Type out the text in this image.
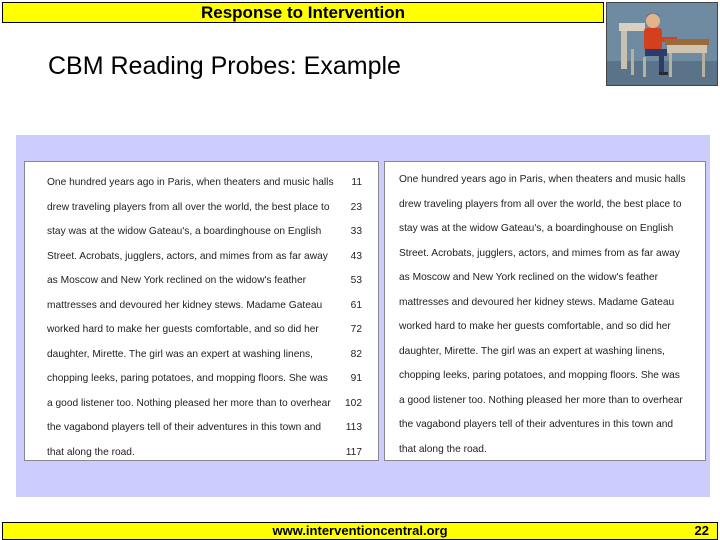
Response to Intervention
CBM Reading Probes: Example
One hundred years ago in Paris, when theaters and music halls 11
drew traveling players from all over the world, the best place to 23
stay was at the widow Gateau's, a boardinghouse on English	33
Street. Acrobats, jugglers, actors, and mimes from as far away 43
as Moscow and New York reclined on the widow's feather	53
mattresses and devoured her kidney stews. Madame Gateau	61
worked hard to make her guests comfortable, and so did her	72
daughter, Mirette. The girl was an expert at washing linens,	82
chopping leeks, paring potatoes, and mopping floors. She was 91
a good listener too. Nothing pleased her more than to overhear 102
the vagabond players tell of their adventures in this town and 113
that along the road.	117
One hundred years ago in Paris, when theaters and music halls
drew traveling players from all over the world, the best place to
stay was at the widow Gateau's, a boardinghouse on English
Street. Acrobats, jugglers, actors, and mimes from as far away
as Moscow and New York reclined on the widow's feather
mattresses and devoured her kidney stews. Madame Gateau
worked hard to make her guests comfortable, and so did her
daughter, Mirette. The girl was an expert at washing linens,
chopping leeks, paring potatoes, and mopping floors. She was
a good listener too. Nothing pleased her more than to overhear
the vagabond players tell of their adventures in this town and
that along the road.
www.interventioncentral.org	22
